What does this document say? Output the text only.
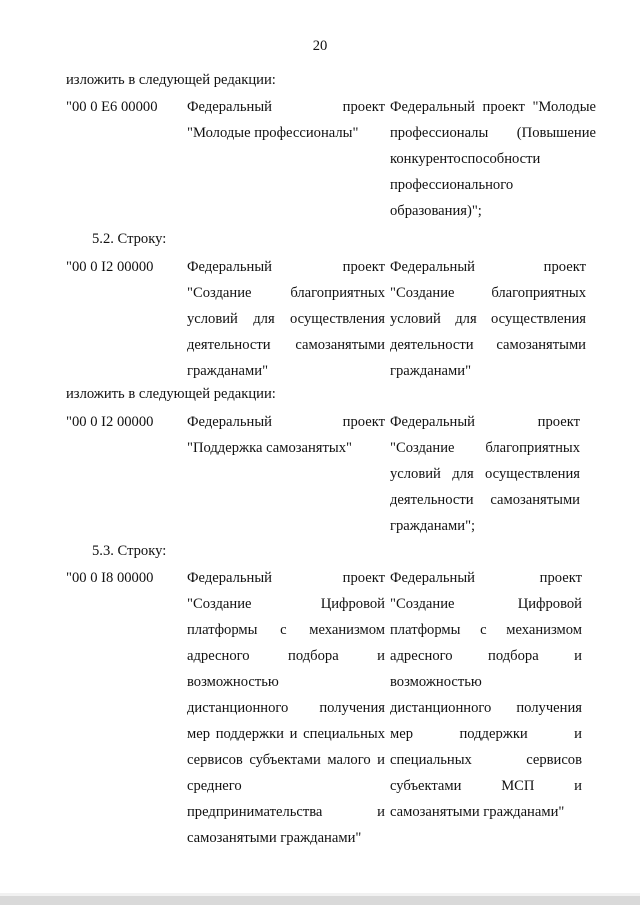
20
изложить в следующей редакции:
"00 0 Е6 00000 Федеральный проект
"Молодые профессионалы"
Федеральный проект "Молодые
профессионалы (Повышение
конкурентоспособности
профессионального
образования)";
5.2. Строку:
"00 0 I2 00000 Федеральный проект
"Создание благоприятных
условий для осуществления
деятельности самозанятыми
гражданами"
Федеральный проект
"Создание благоприятных
условий для осуществления
деятельности самозанятыми
гражданами"
изложить в следующей редакции:
"00 0 I2 00000 Федеральный проект
"Поддержка самозанятых"
Федеральный проект
"Создание благоприятных
условий для осуществления
деятельности самозанятыми
гражданами";
5.3. Строку:
"00 0 I8 00000 Федеральный проект
"Создание Цифровой
платформы с механизмом
адресного подбора и
возможностью
дистанционного получения
мер поддержки и специальных
сервисов субъектами малого и
среднего
предпринимательства и
самозанятыми гражданами"
Федеральный проект
"Создание Цифровой
платформы с механизмом
адресного подбора и
возможностью
дистанционного получения
мер поддержки и
специальных сервисов
субъектами МСП и
самозанятыми гражданами"
